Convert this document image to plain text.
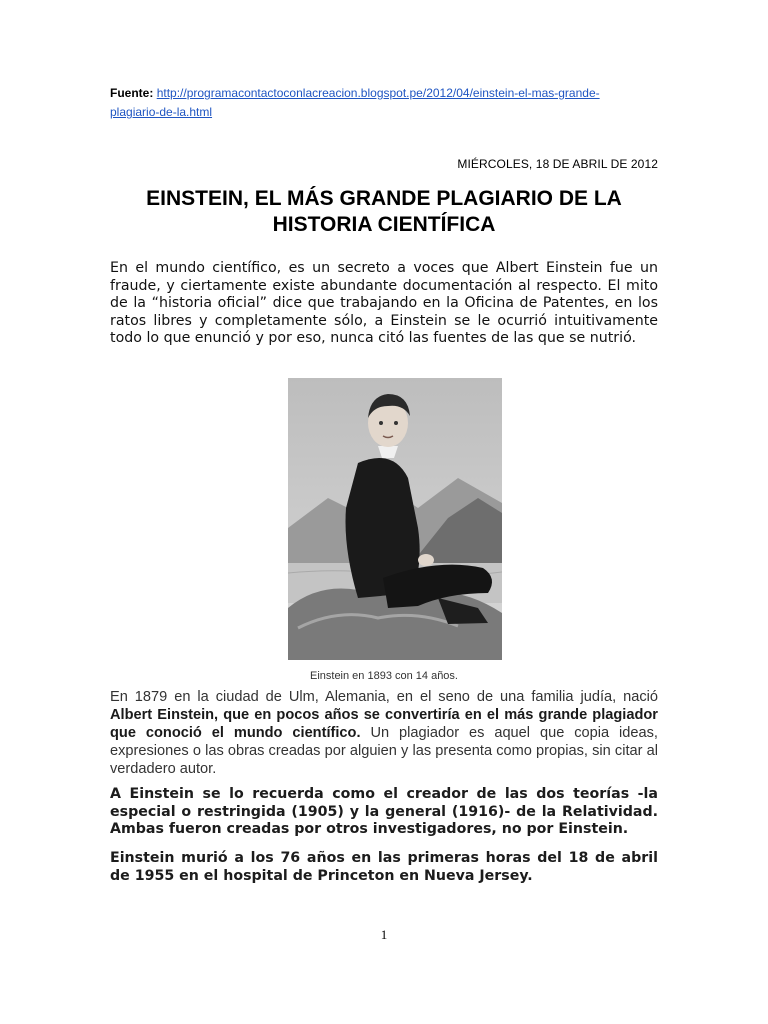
Fuente: http://programacontactoconlacreacion.blogspot.pe/2012/04/einstein-el-mas-grande-
plagiario-de-la.html
MIÉRCOLES, 18 DE ABRIL DE 2012
EINSTEIN, EL MÁS GRANDE PLAGIARIO DE LA
HISTORIA CIENTÍFICA

En el mundo científico, es un secreto a voces que Albert Einstein fue un fraude, y ciertamente existe abundante documentación al respecto. El mito de la “historia oficial” dice que trabajando en la Oficina de Patentes, en los ratos libres y completamente sólo, a Einstein se le ocurrió intuitivamente todo lo que enunció y por eso, nunca citó las fuentes de las que se nutrió.

Einstein en 1893 con 14 años.

En 1879 en la ciudad de Ulm, Alemania, en el seno de una familia judía, nació Albert Einstein, que en pocos años se convertiría en el más grande plagiador que conoció el mundo científico. Un plagiador es aquel que copia ideas, expresiones o las obras creadas por alguien y las presenta como propias, sin citar al verdadero autor.

A Einstein se lo recuerda como el creador de las dos teorías -la especial o restringida (1905) y la general (1916)- de la Relatividad. Ambas fueron creadas por otros investigadores, no por Einstein.

Einstein murió a los 76 años en las primeras horas del 18 de abril de 1955 en el hospital de Princeton en Nueva Jersey.

1
